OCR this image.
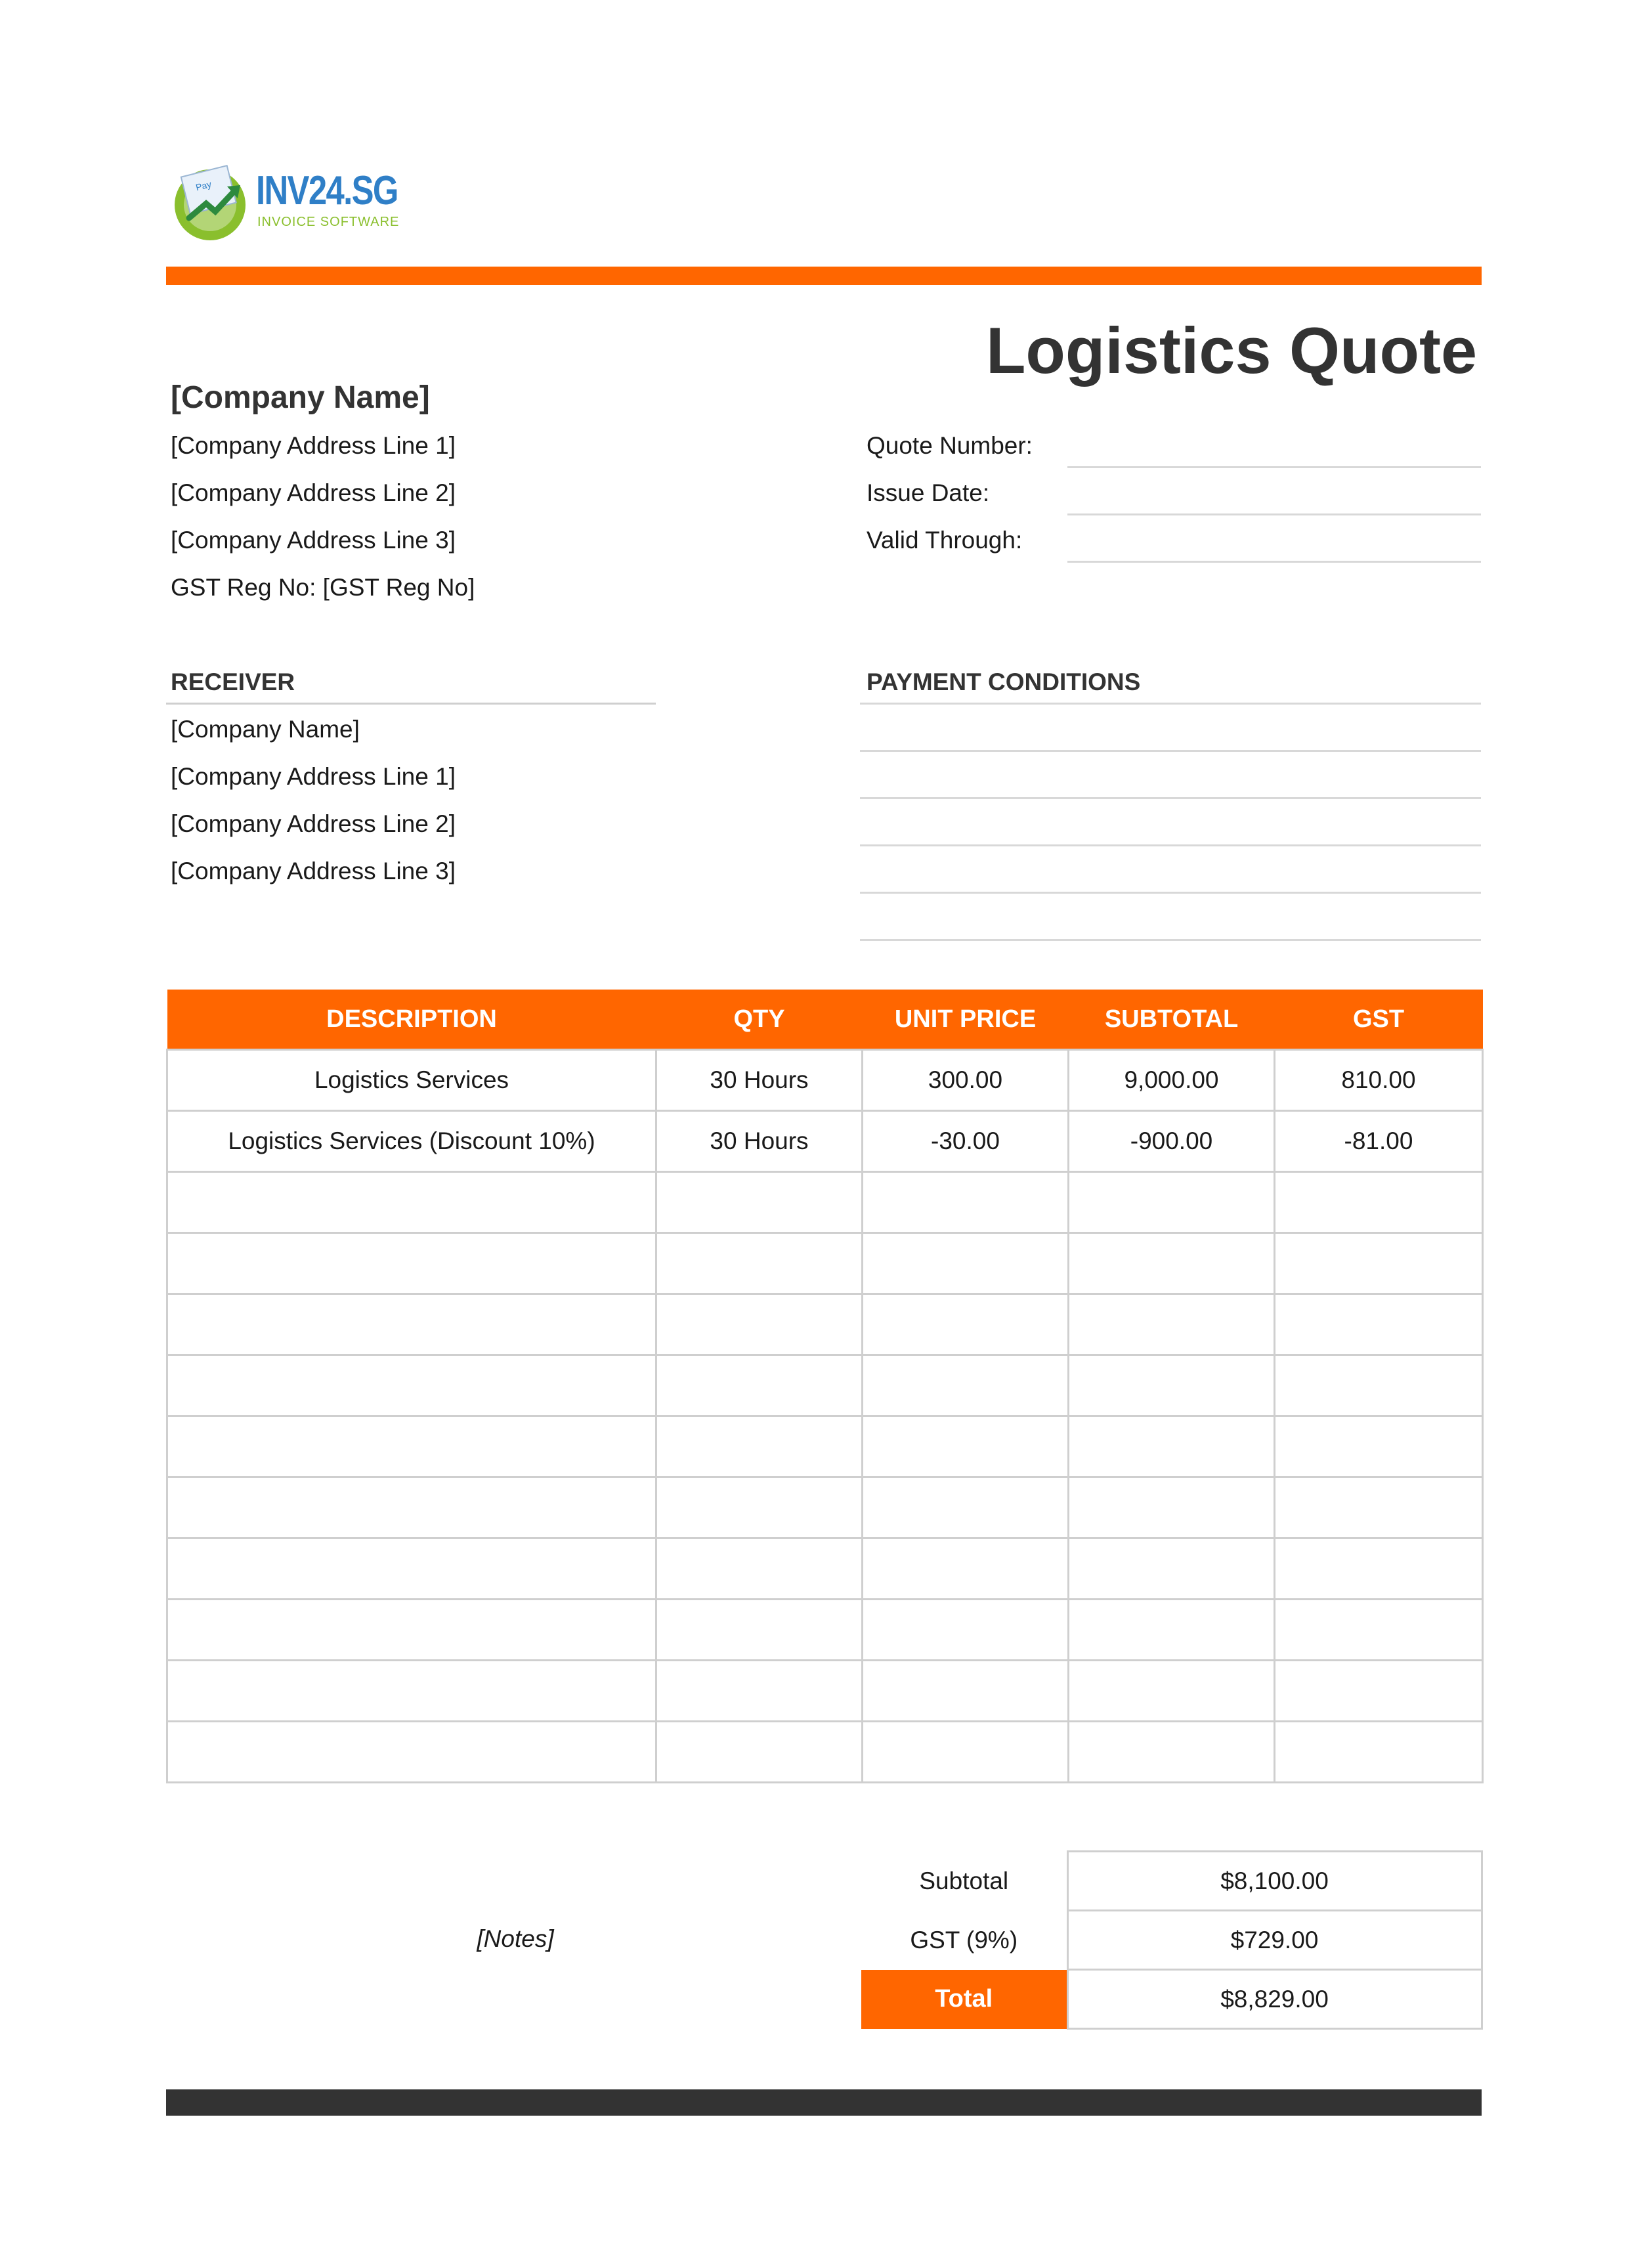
Pay INV24.SG
INVOICE SOFTWARE
Logistics Quote
[Company Name]
[Company Address Line 1]
[Company Address Line 2]
[Company Address Line 3]
GST Reg No: [GST Reg No]
Quote Number:
Issue Date:
Valid Through:
RECEIVER
[Company Name]
[Company Address Line 1]
[Company Address Line 2]
[Company Address Line 3]
PAYMENT CONDITIONS
DESCRIPTION	QTY	UNIT PRICE	SUBTOTAL	GST
Logistics Services	30 Hours	300.00	9,000.00	810.00
Logistics Services (Discount 10%)	30 Hours	-30.00	-900.00	-81.00

[Notes]
Subtotal	$8,100.00
GST (9%)	$729.00
Total	$8,829.00
